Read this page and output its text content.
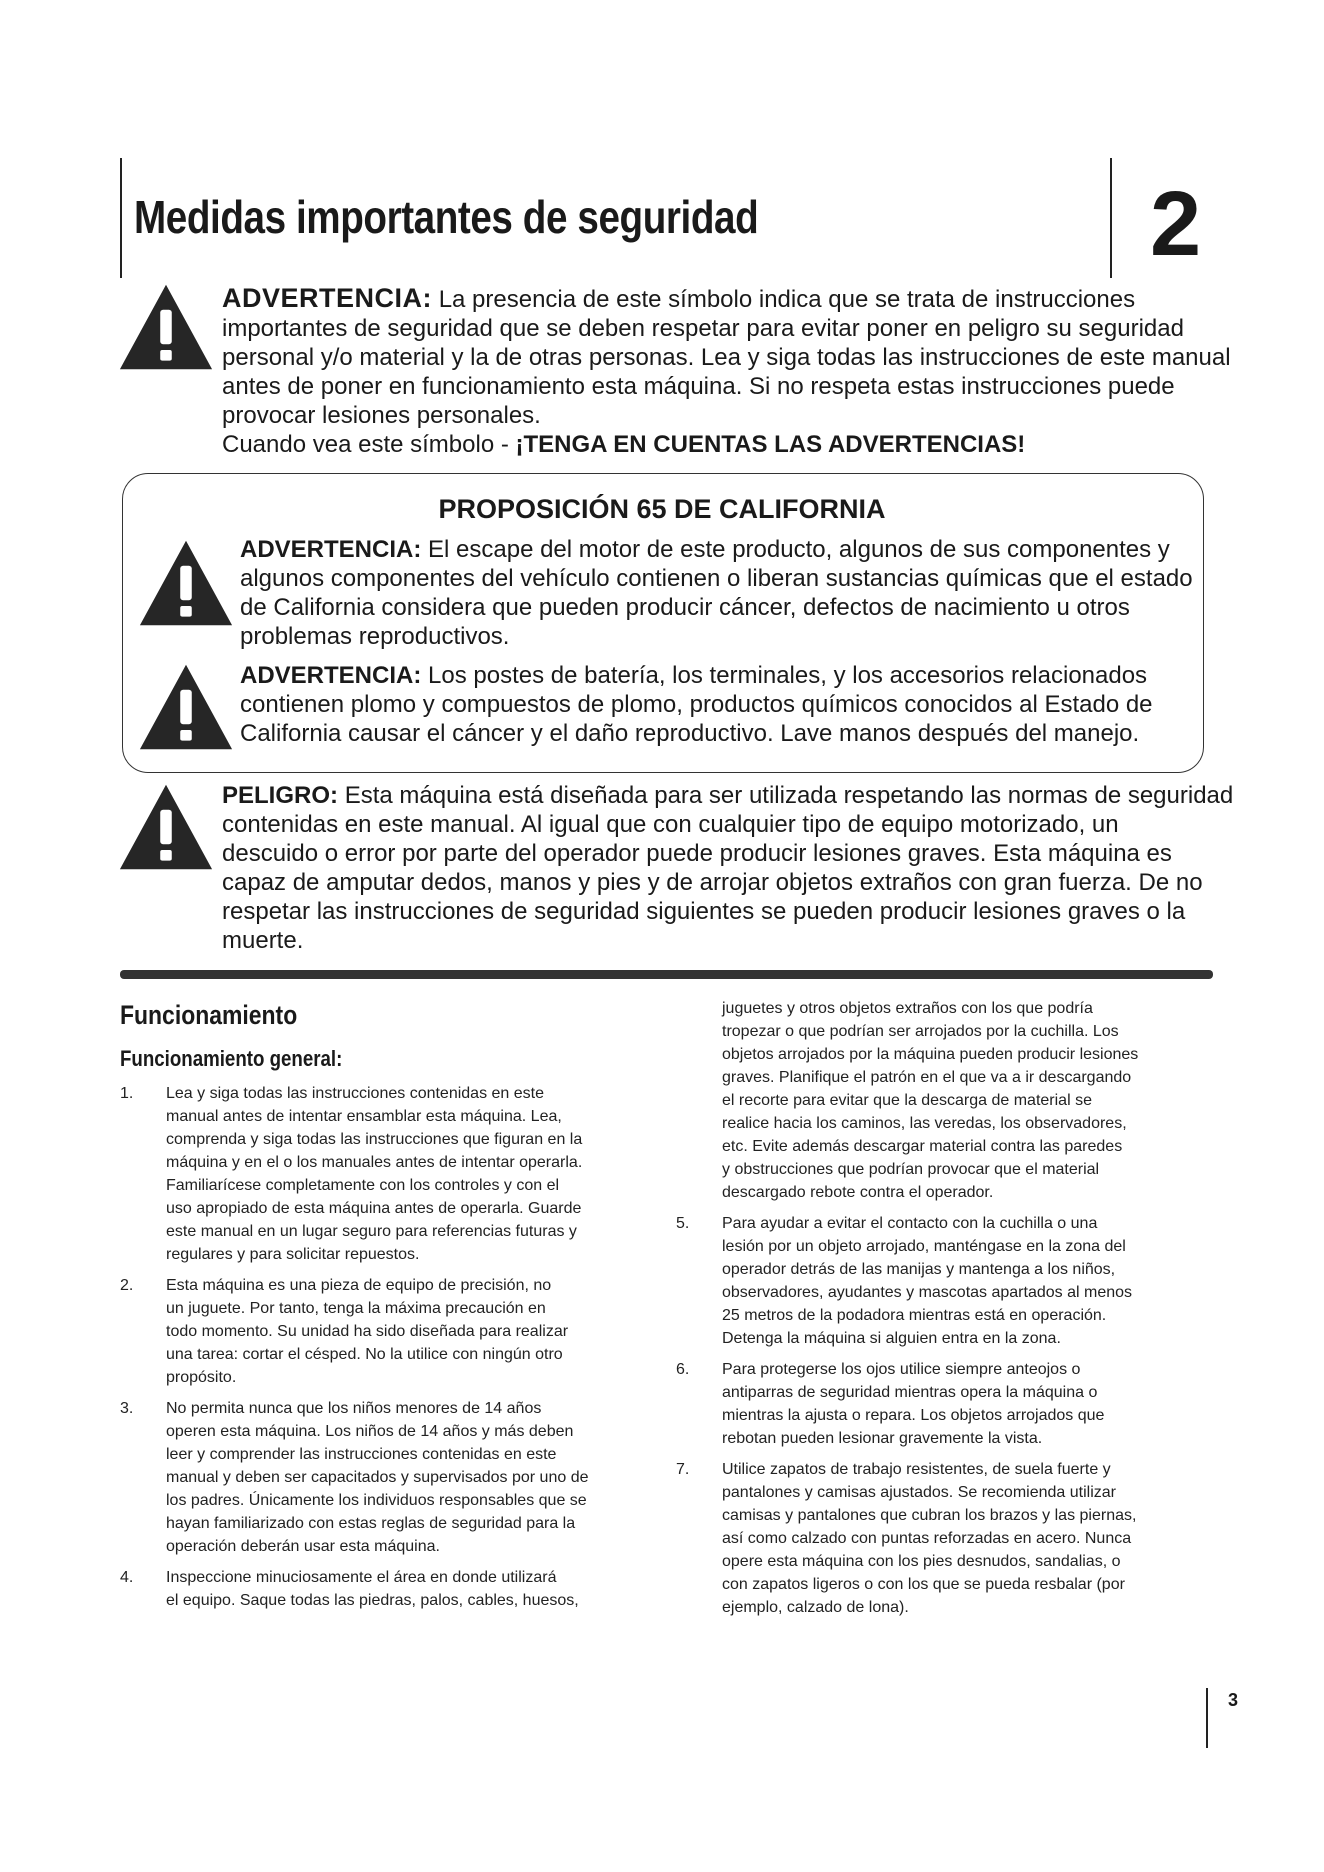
Medidas importantes de seguridad	2
ADVERTENCIA: La presencia de este símbolo indica que se trata de instrucciones
importantes de seguridad que se deben respetar para evitar poner en peligro su seguridad
personal y/o material y la de otras personas. Lea y siga todas las instrucciones de este manual
antes de poner en funcionamiento esta máquina. Si no respeta estas instrucciones puede
provocar lesiones personales.
Cuando vea este símbolo - ¡TENGA EN CUENTAS LAS ADVERTENCIAS!
PROPOSICIÓN 65 DE CALIFORNIA
ADVERTENCIA: El escape del motor de este producto, algunos de sus componentes y
algunos componentes del vehículo contienen o liberan sustancias químicas que el estado
de California considera que pueden producir cáncer, defectos de nacimiento u otros
problemas reproductivos.
ADVERTENCIA: Los postes de batería, los terminales, y los accesorios relacionados
contienen plomo y compuestos de plomo, productos químicos conocidos al Estado de
California causar el cáncer y el daño reproductivo. Lave manos después del manejo.
PELIGRO: Esta máquina está diseñada para ser utilizada respetando las normas de seguridad
contenidas en este manual. Al igual que con cualquier tipo de equipo motorizado, un
descuido o error por parte del operador puede producir lesiones graves. Esta máquina es
capaz de amputar dedos, manos y pies y de arrojar objetos extraños con gran fuerza. De no
respetar las instrucciones de seguridad siguientes se pueden producir lesiones graves o la
muerte.
Funcionamiento
Funcionamiento general:
1. Lea y siga todas las instrucciones contenidas en este
manual antes de intentar ensamblar esta máquina. Lea,
comprenda y siga todas las instrucciones que figuran en la
máquina y en el o los manuales antes de intentar operarla.
Familiarícese completamente con los controles y con el
uso apropiado de esta máquina antes de operarla. Guarde
este manual en un lugar seguro para referencias futuras y
regulares y para solicitar repuestos.
2. Esta máquina es una pieza de equipo de precisión, no
un juguete. Por tanto, tenga la máxima precaución en
todo momento. Su unidad ha sido diseñada para realizar
una tarea: cortar el césped. No la utilice con ningún otro
propósito.
3. No permita nunca que los niños menores de 14 años
operen esta máquina. Los niños de 14 años y más deben
leer y comprender las instrucciones contenidas en este
manual y deben ser capacitados y supervisados por uno de
los padres. Únicamente los individuos responsables que se
hayan familiarizado con estas reglas de seguridad para la
operación deberán usar esta máquina.
4. Inspeccione minuciosamente el área en donde utilizará
el equipo. Saque todas las piedras, palos, cables, huesos,
juguetes y otros objetos extraños con los que podría
tropezar o que podrían ser arrojados por la cuchilla. Los
objetos arrojados por la máquina pueden producir lesiones
graves. Planifique el patrón en el que va a ir descargando
el recorte para evitar que la descarga de material se
realice hacia los caminos, las veredas, los observadores,
etc. Evite además descargar material contra las paredes
y obstrucciones que podrían provocar que el material
descargado rebote contra el operador.
5. Para ayudar a evitar el contacto con la cuchilla o una
lesión por un objeto arrojado, manténgase en la zona del
operador detrás de las manijas y mantenga a los niños,
observadores, ayudantes y mascotas apartados al menos
25 metros de la podadora mientras está en operación.
Detenga la máquina si alguien entra en la zona.
6. Para protegerse los ojos utilice siempre anteojos o
antiparras de seguridad mientras opera la máquina o
mientras la ajusta o repara. Los objetos arrojados que
rebotan pueden lesionar gravemente la vista.
7. Utilice zapatos de trabajo resistentes, de suela fuerte y
pantalones y camisas ajustados. Se recomienda utilizar
camisas y pantalones que cubran los brazos y las piernas,
así como calzado con puntas reforzadas en acero. Nunca
opere esta máquina con los pies desnudos, sandalias, o
con zapatos ligeros o con los que se pueda resbalar (por
ejemplo, calzado de lona).
3
